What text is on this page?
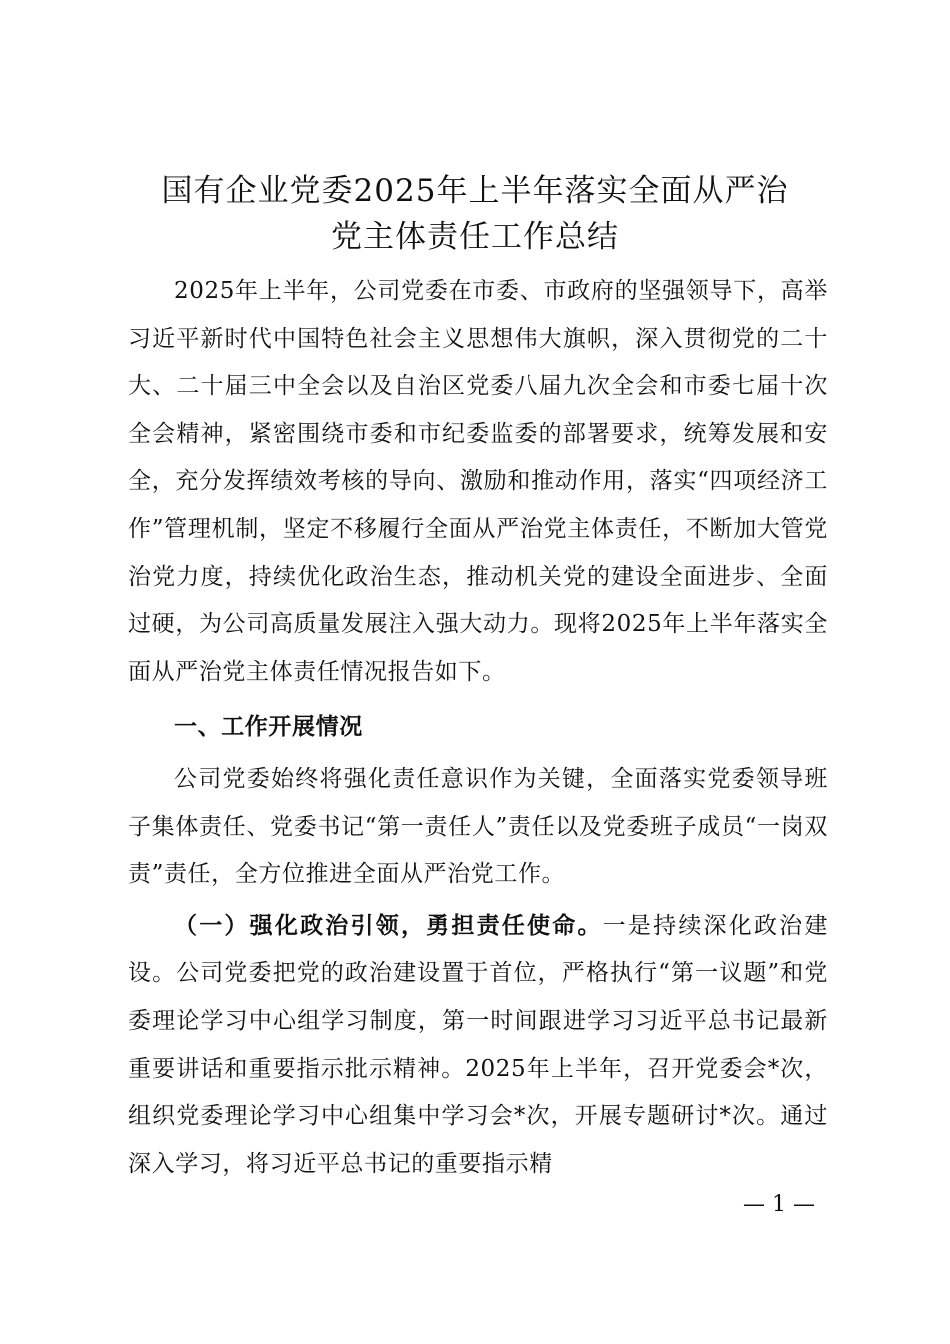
国有企业党委2025年上半年落实全面从严治
党主体责任工作总结

2025年上半年，公司党委在市委、市政府的坚强领导下，高举习近平新时代中国特色社会主义思想伟大旗帜，深入贯彻党的二十大、二十届三中全会以及自治区党委八届九次全会和市委七届十次全会精神，紧密围绕市委和市纪委监委的部署要求，统筹发展和安全，充分发挥绩效考核的导向、激励和推动作用，落实“四项经济工作”管理机制，坚定不移履行全面从严治党主体责任，不断加大管党治党力度，持续优化政治生态，推动机关党的建设全面进步、全面过硬，为公司高质量发展注入强大动力。现将2025年上半年落实全面从严治党主体责任情况报告如下。

一、工作开展情况

公司党委始终将强化责任意识作为关键，全面落实党委领导班子集体责任、党委书记“第一责任人”责任以及党委班子成员“一岗双责”责任，全方位推进全面从严治党工作。

（一）强化政治引领，勇担责任使命。一是持续深化政治建设。公司党委把党的政治建设置于首位，严格执行“第一议题”和党委理论学习中心组学习制度，第一时间跟进学习习近平总书记最新重要讲话和重要指示批示精神。2025年上半年，召开党委会*次，组织党委理论学习中心组集中学习会*次，开展专题研讨*次。通过深入学习，将习近平总书记的重要指示精

— 1 —
